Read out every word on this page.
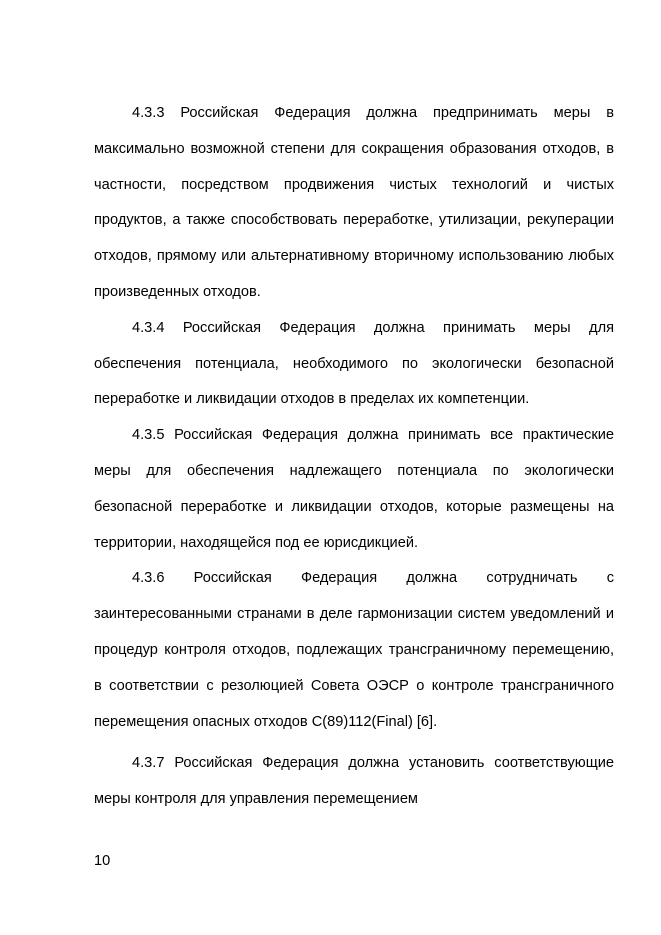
4.3.3 Российская Федерация должна предпринимать меры в максимально возможной степени для сокращения образования отходов, в частности, посредством продвижения чистых технологий и чистых продуктов, а также способствовать переработке, утилизации, рекуперации отходов, прямому или альтернативному вторичному использованию любых произведенных отходов.

4.3.4 Российская Федерация должна принимать меры для обеспечения потенциала, необходимого по экологически безопасной переработке и ликвидации отходов в пределах их компетенции.

4.3.5 Российская Федерация должна принимать все практические меры для обеспечения надлежащего потенциала по экологически безопасной переработке и ликвидации отходов, которые размещены на территории, находящейся под ее юрисдикцией.

4.3.6 Российская Федерация должна сотрудничать с заинтересованными странами в деле гармонизации систем уведомлений и процедур контроля отходов, подлежащих трансграничному перемещению, в соответствии с резолюцией Совета ОЭСР о контроле трансграничного перемещения опасных отходов С(89)112(Final) [6].

4.3.7 Российская Федерация должна установить соответствующие меры контроля для управления перемещением

10
